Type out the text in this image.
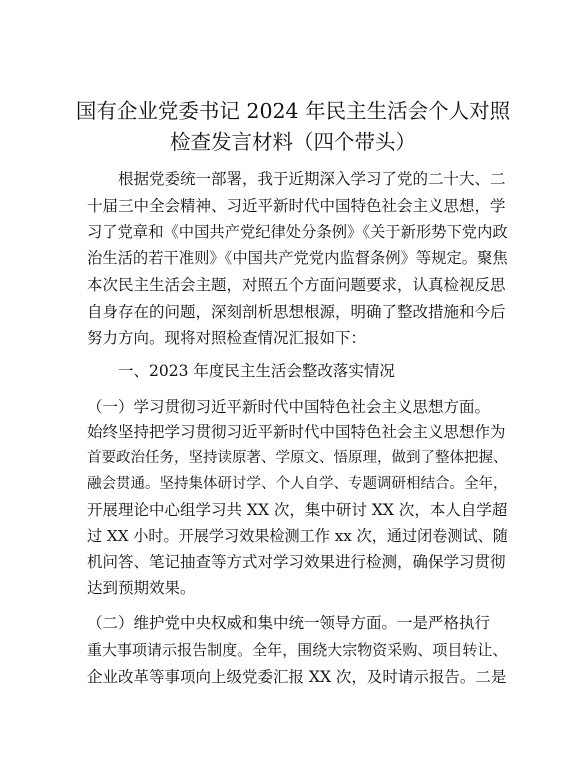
国有企业党委书记 2024 年民主生活会个人对照
检查发言材料（四个带头）
根据党委统一部署，我于近期深入学习了党的二十大、二
十届三中全会精神、习近平新时代中国特色社会主义思想，学
习了党章和《中国共产党纪律处分条例》《关于新形势下党内政
治生活的若干准则》《中国共产党党内监督条例》等规定。聚焦
本次民主生活会主题，对照五个方面问题要求，认真检视反思
自身存在的问题，深刻剖析思想根源，明确了整改措施和今后
努力方向。现将对照检查情况汇报如下：
一、2023 年度民主生活会整改落实情况
（一）学习贯彻习近平新时代中国特色社会主义思想方面。
始终坚持把学习贯彻习近平新时代中国特色社会主义思想作为
首要政治任务，坚持读原著、学原文、悟原理，做到了整体把握、
融会贯通。坚持集体研讨学、个人自学、专题调研相结合。全年，
开展理论中心组学习共 XX 次，集中研讨 XX 次，本人自学超
过 XX 小时。开展学习效果检测工作 xx 次，通过闭卷测试、随
机问答、笔记抽查等方式对学习效果进行检测，确保学习贯彻
达到预期效果。
（二）维护党中央权威和集中统一领导方面。一是严格执行
重大事项请示报告制度。全年，围绕大宗物资采购、项目转让、
企业改革等事项向上级党委汇报 XX 次，及时请示报告。二是
